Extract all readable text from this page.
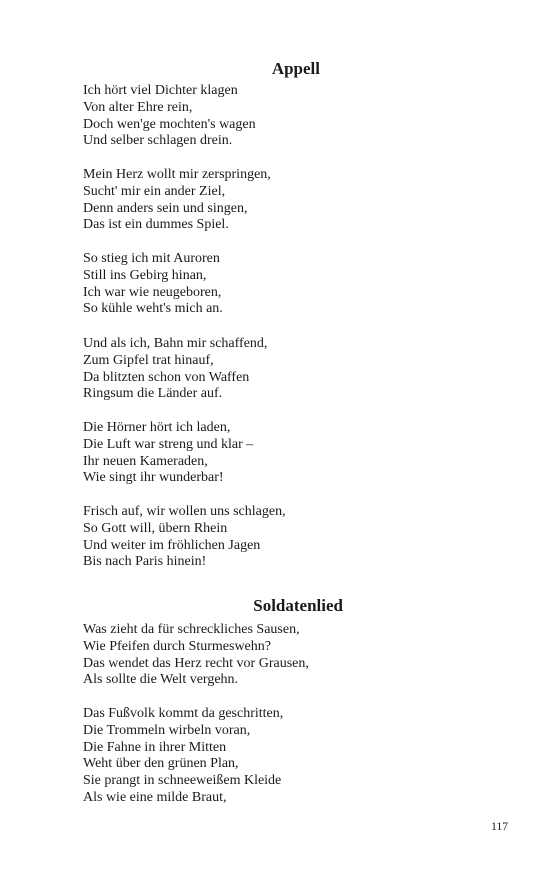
Appell
Ich hört viel Dichter klagen
Von alter Ehre rein,
Doch wen'ge mochten's wagen
Und selber schlagen drein.
Mein Herz wollt mir zerspringen,
Sucht' mir ein ander Ziel,
Denn anders sein und singen,
Das ist ein dummes Spiel.
So stieg ich mit Auroren
Still ins Gebirg hinan,
Ich war wie neugeboren,
So kühle weht's mich an.
Und als ich, Bahn mir schaffend,
Zum Gipfel trat hinauf,
Da blitzten schon von Waffen
Ringsum die Länder auf.
Die Hörner hört ich laden,
Die Luft war streng und klar –
Ihr neuen Kameraden,
Wie singt ihr wunderbar!
Frisch auf, wir wollen uns schlagen,
So Gott will, übern Rhein
Und weiter im fröhlichen Jagen
Bis nach Paris hinein!
Soldatenlied
Was zieht da für schreckliches Sausen,
Wie Pfeifen durch Sturmeswehn?
Das wendet das Herz recht vor Grausen,
Als sollte die Welt vergehn.
Das Fußvolk kommt da geschritten,
Die Trommeln wirbeln voran,
Die Fahne in ihrer Mitten
Weht über den grünen Plan,
Sie prangt in schneeweißem Kleide
Als wie eine milde Braut,
117
